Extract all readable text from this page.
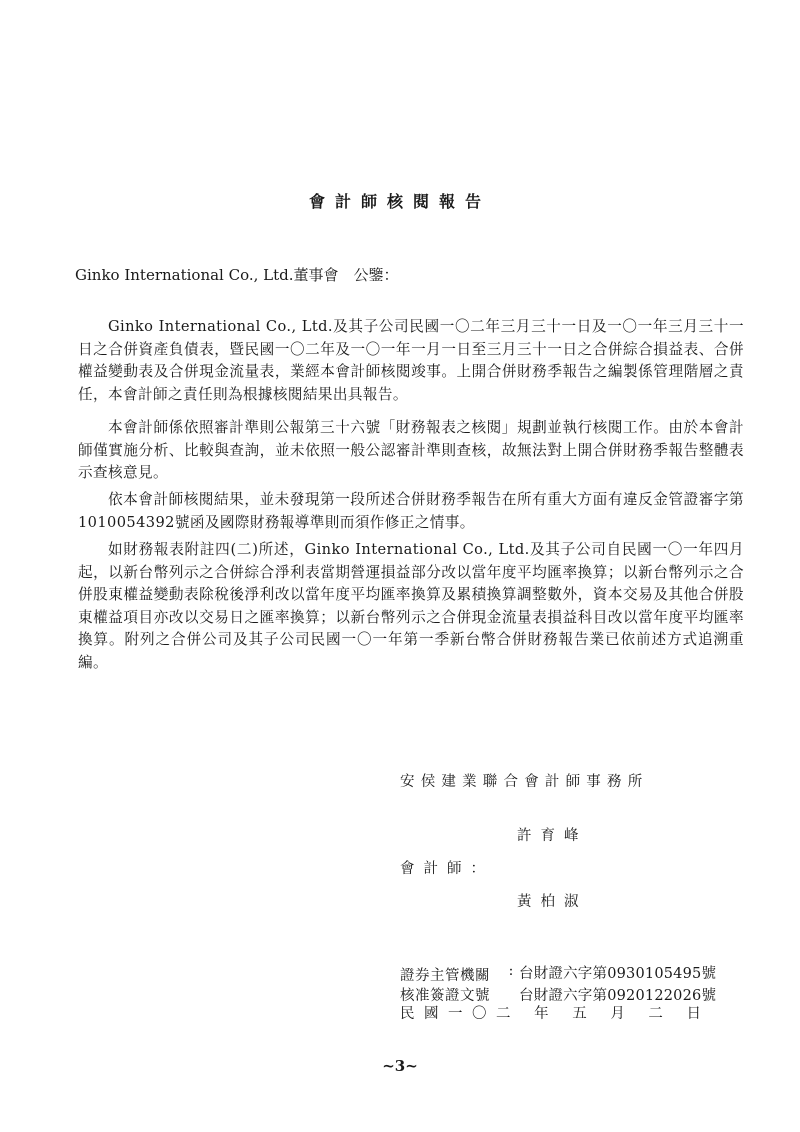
會計師核閱報告
Ginko International Co., Ltd.董事會　公鑒：
Ginko International Co., Ltd.及其子公司民國一〇二年三月三十一日及一〇一年三月三十一日之合併資產負債表，暨民國一〇二年及一〇一年一月一日至三月三十一日之合併綜合損益表、合併權益變動表及合併現金流量表，業經本會計師核閱竣事。上開合併財務季報告之編製係管理階層之責任，本會計師之責任則為根據核閱結果出具報告。
本會計師係依照審計準則公報第三十六號「財務報表之核閱」規劃並執行核閱工作。由於本會計師僅實施分析、比較與查詢，並未依照一般公認審計準則查核，故無法對上開合併財務季報告整體表示查核意見。
依本會計師核閱結果，並未發現第一段所述合併財務季報告在所有重大方面有違反金管證審字第1010054392號函及國際財務報導準則而須作修正之情事。
如財務報表附註四(二)所述，Ginko International Co., Ltd.及其子公司自民國一〇一年四月起，以新台幣列示之合併綜合淨利表當期營運損益部分改以當年度平均匯率換算；以新台幣列示之合併股東權益變動表除稅後淨利改以當年度平均匯率換算及累積換算調整數外，資本交易及其他合併股東權益項目亦改以交易日之匯率換算；以新台幣列示之合併現金流量表損益科目改以當年度平均匯率換算。附列之合併公司及其子公司民國一〇一年第一季新台幣合併財務報告業已依前述方式追溯重編。
安侯建業聯合會計師事務所
許育峰
會計師：
黃柏淑
證券主管機關
核准簽證文號
: 台財證六字第0930105495號
台財證六字第0920122026號
民國一〇二 年 五 月 二 日
~3~
